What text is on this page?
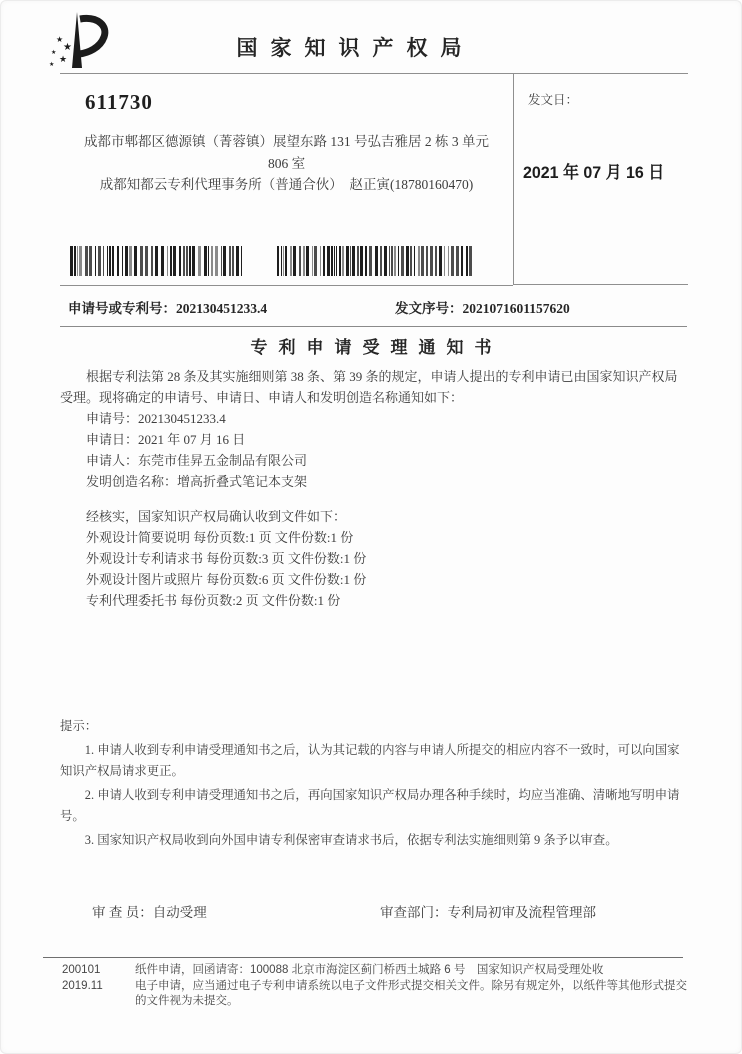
★
★
★
★
★
国家知识产权局
611730
成都市郫都区德源镇（菁蓉镇）展望东路 131 号弘吉雅居 2 栋 3 单元
806 室
成都知都云专利代理事务所（普通合伙）　赵正寅(18780160470)
发文日：
2021 年 07 月 16 日
申请号或专利号：202130451233.4	发文序号：2021071601157620
专利申请受理通知书

根据专利法第 28 条及其实施细则第 38 条、第 39 条的规定，申请人提出的专利申请已由国家知识产权局受理。现将确定的申请号、申请日、申请人和发明创造名称通知如下：

申请号：202130451233.4

申请日：2021 年 07 月 16 日

申请人：东莞市佳昇五金制品有限公司

发明创造名称：增高折叠式笔记本支架

经核实，国家知识产权局确认收到文件如下：

外观设计简要说明 每份页数:1 页 文件份数:1 份

外观设计专利请求书 每份页数:3 页 文件份数:1 份

外观设计图片或照片 每份页数:6 页 文件份数:1 份

专利代理委托书 每份页数:2 页 文件份数:1 份

提示：

1. 申请人收到专利申请受理通知书之后，认为其记载的内容与申请人所提交的相应内容不一致时，可以向国家知识产权局请求更正。

2. 申请人收到专利申请受理通知书之后，再向国家知识产权局办理各种手续时，均应当准确、清晰地写明申请号。

3. 国家知识产权局收到向外国申请专利保密审查请求书后，依据专利法实施细则第 9 条予以审查。

审 查 员：自动受理	审查部门：专利局初审及流程管理部

200101

2019.11

纸件申请，回函请寄：100088 北京市海淀区蓟门桥西土城路 6 号　国家知识产权局受理处收

电子申请，应当通过电子专利申请系统以电子文件形式提交相关文件。除另有规定外，以纸件等其他形式提交的文件视为未提交。
